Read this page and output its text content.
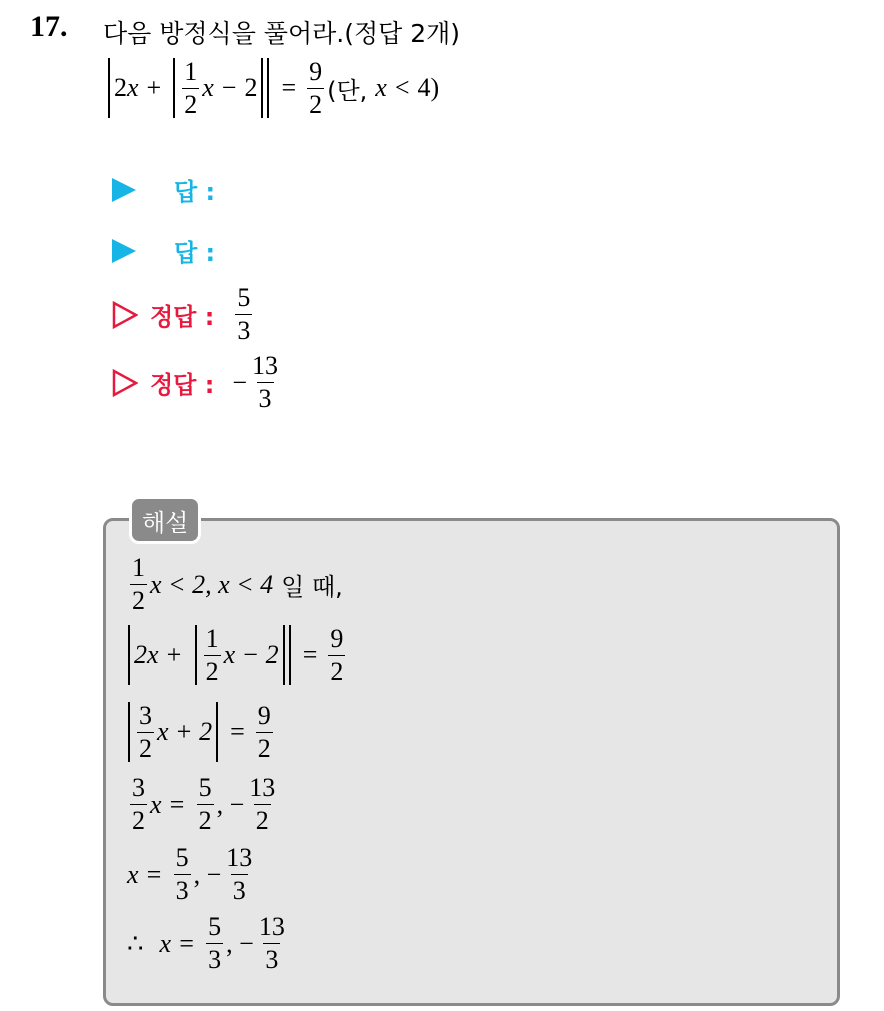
17. 다음 방정식을 풀어라.(정답 2개)
2 $x + \frac{1}{2}$ $x - 2 = \frac{9}{2}$ (단, x < 4)
답 :
답 :
정답 : $\frac{5}{3}$
정답 : − $\frac{13}{3}$
해설
$\frac{1}{2}$ x < 2, x < 4 일 때,
$2x + \frac{1}{2}$ $x - 2 = \frac{9}{2}$
$\frac{3}{2}$ $x + 2 = \frac{9}{2}$
$\frac{3}{2}$ $x = \frac{5}{2}$ , − $\frac{13}{2}$
$x = \frac{5}{3}$ , − $\frac{13}{3}$
∴ $x = \frac{5}{3}$ , − $\frac{13}{3}$
